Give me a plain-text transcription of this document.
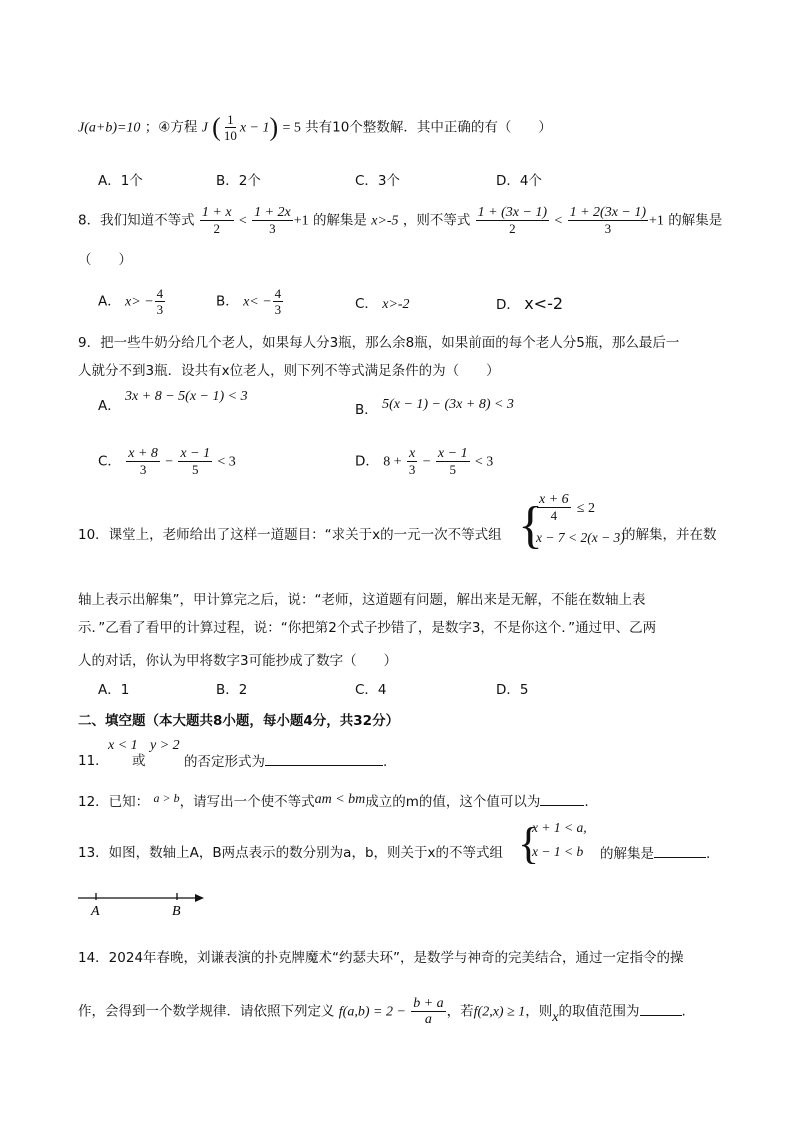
J(a+b)=10 ；④方程 J ( $\frac{1}{10}$ x − 1) = 5 共有10个整数解．其中正确的有（　　）
A．1个	B．2个	C．3个	D．4个
8．我们知道不等式 $\frac{1 + x}{2} < \frac{1 + 2x}{3} +1$ 的解集是 x>-5 ，则不等式 $\frac{1 + (3x - 1)}{2} < \frac{1 + 2(3x - 1)}{3} +1$ 的解集是
（　　）
A． $x> - \frac{4}{3}$	B． $x< - \frac{4}{3}$	C． x>-2	D． x<-2
9．把一些牛奶分给几个老人，如果每人分3瓶，那么余8瓶，如果前面的每个老人分5瓶，那么最后一
人就分不到3瓶．设共有x位老人，则下列不等式满足条件的为（　　）
A． 3x + 8 − 5(x − 1) < 3
B． 5(x − 1) − (3x + 8) < 3
C． $\frac{x + 8}{3} - \frac{x - 1}{5} < 3$	D． $8 + \frac{x}{3} - \frac{x - 1}{5} < 3$
10．课堂上，老师给出了这样一道题目：“求关于x的一元一次不等式组 {
$\frac{x + 6}{4} \le 2$
x − 7 < 2(x − 3)
的解集，并在数
轴上表示出解集”，甲计算完之后，说：“老师，这道题有问题，解出来是无解，不能在数轴上表
示．”乙看了看甲的计算过程，说：“你把第2个式子抄错了，是数字3，不是你这个．”通过甲、乙两
人的对话，你认为甲将数字3可能抄成了数字（　　）
A．1	B．2	C．4	D．5
二、填空题（本大题共8小题，每小题4分，共32分）
11．
x < 1
或
y > 2
的否定形式为	.
12．已知： a > b，请写出一个使不等式am < bm成立的m的值，这个值可以为	.
13．如图，数轴上A，B两点表示的数分别为a，b，则关于x的不等式组 {
x + 1 < a,
x − 1 < b 的解集是	.
A	B
14．2024年春晚，刘谦表演的扑克牌魔术“约瑟夫环”，是数学与神奇的完美结合，通过一定指令的操
作，会得到一个数学规律．请依照下列定义 $f(a,b) = 2 - \frac{b + a}{a}$ ，若f(2,x) ≥ 1，则x的取值范围为	.
